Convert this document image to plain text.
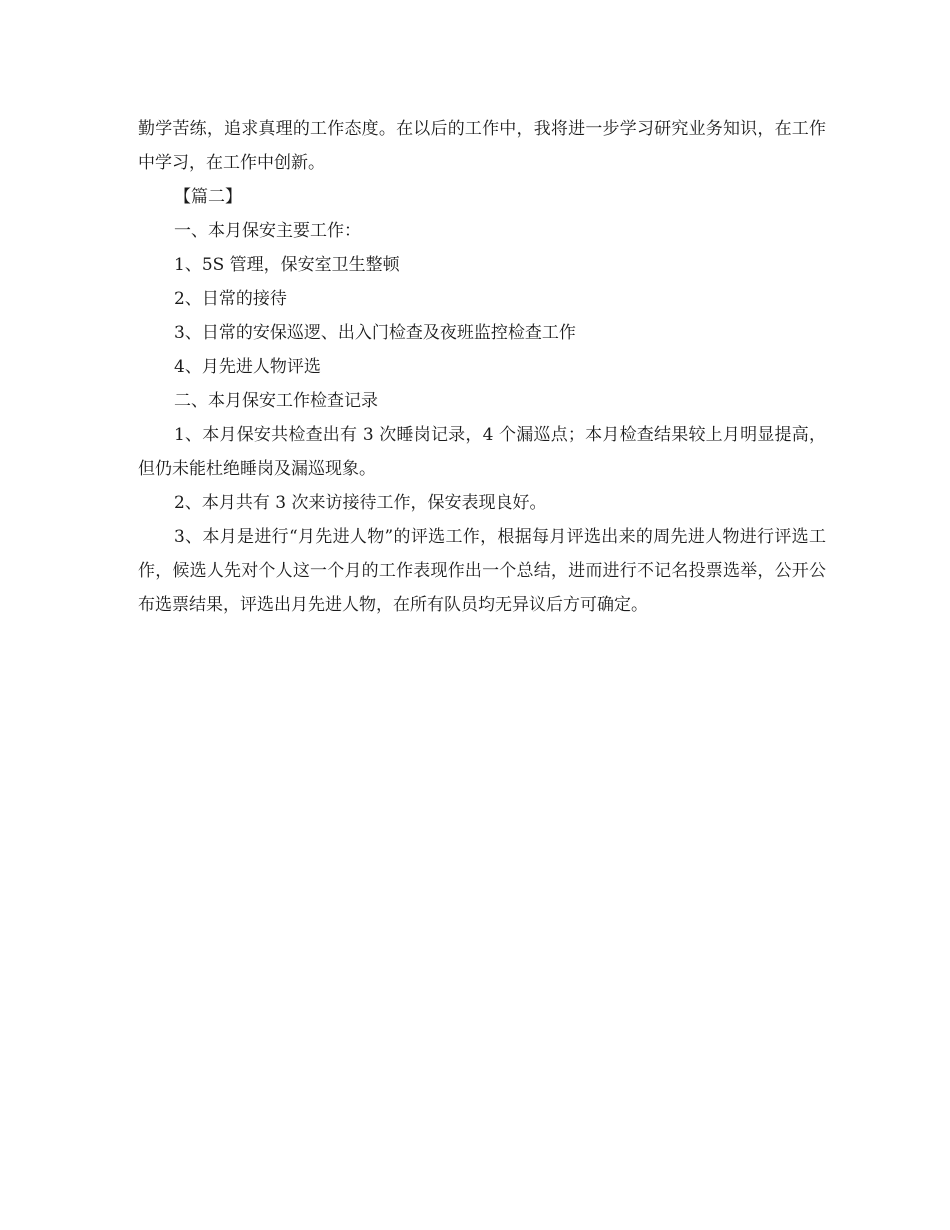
勤学苦练，追求真理的工作态度。在以后的工作中，我将进一步学习研究业务知识，在工作中学习，在工作中创新。

【篇二】

一、本月保安主要工作：

1、5S 管理，保安室卫生整顿

2、日常的接待

3、日常的安保巡逻、出入门检查及夜班监控检查工作

4、月先进人物评选

二、本月保安工作检查记录

1、本月保安共检查出有 3 次睡岗记录，4 个漏巡点；本月检查结果较上月明显提高，但仍未能杜绝睡岗及漏巡现象。

2、本月共有 3 次来访接待工作，保安表现良好。

3、本月是进行“月先进人物”的评选工作，根据每月评选出来的周先进人物进行评选工作，候选人先对个人这一个月的工作表现作出一个总结，进而进行不记名投票选举，公开公布选票结果，评选出月先进人物，在所有队员均无异议后方可确定。
